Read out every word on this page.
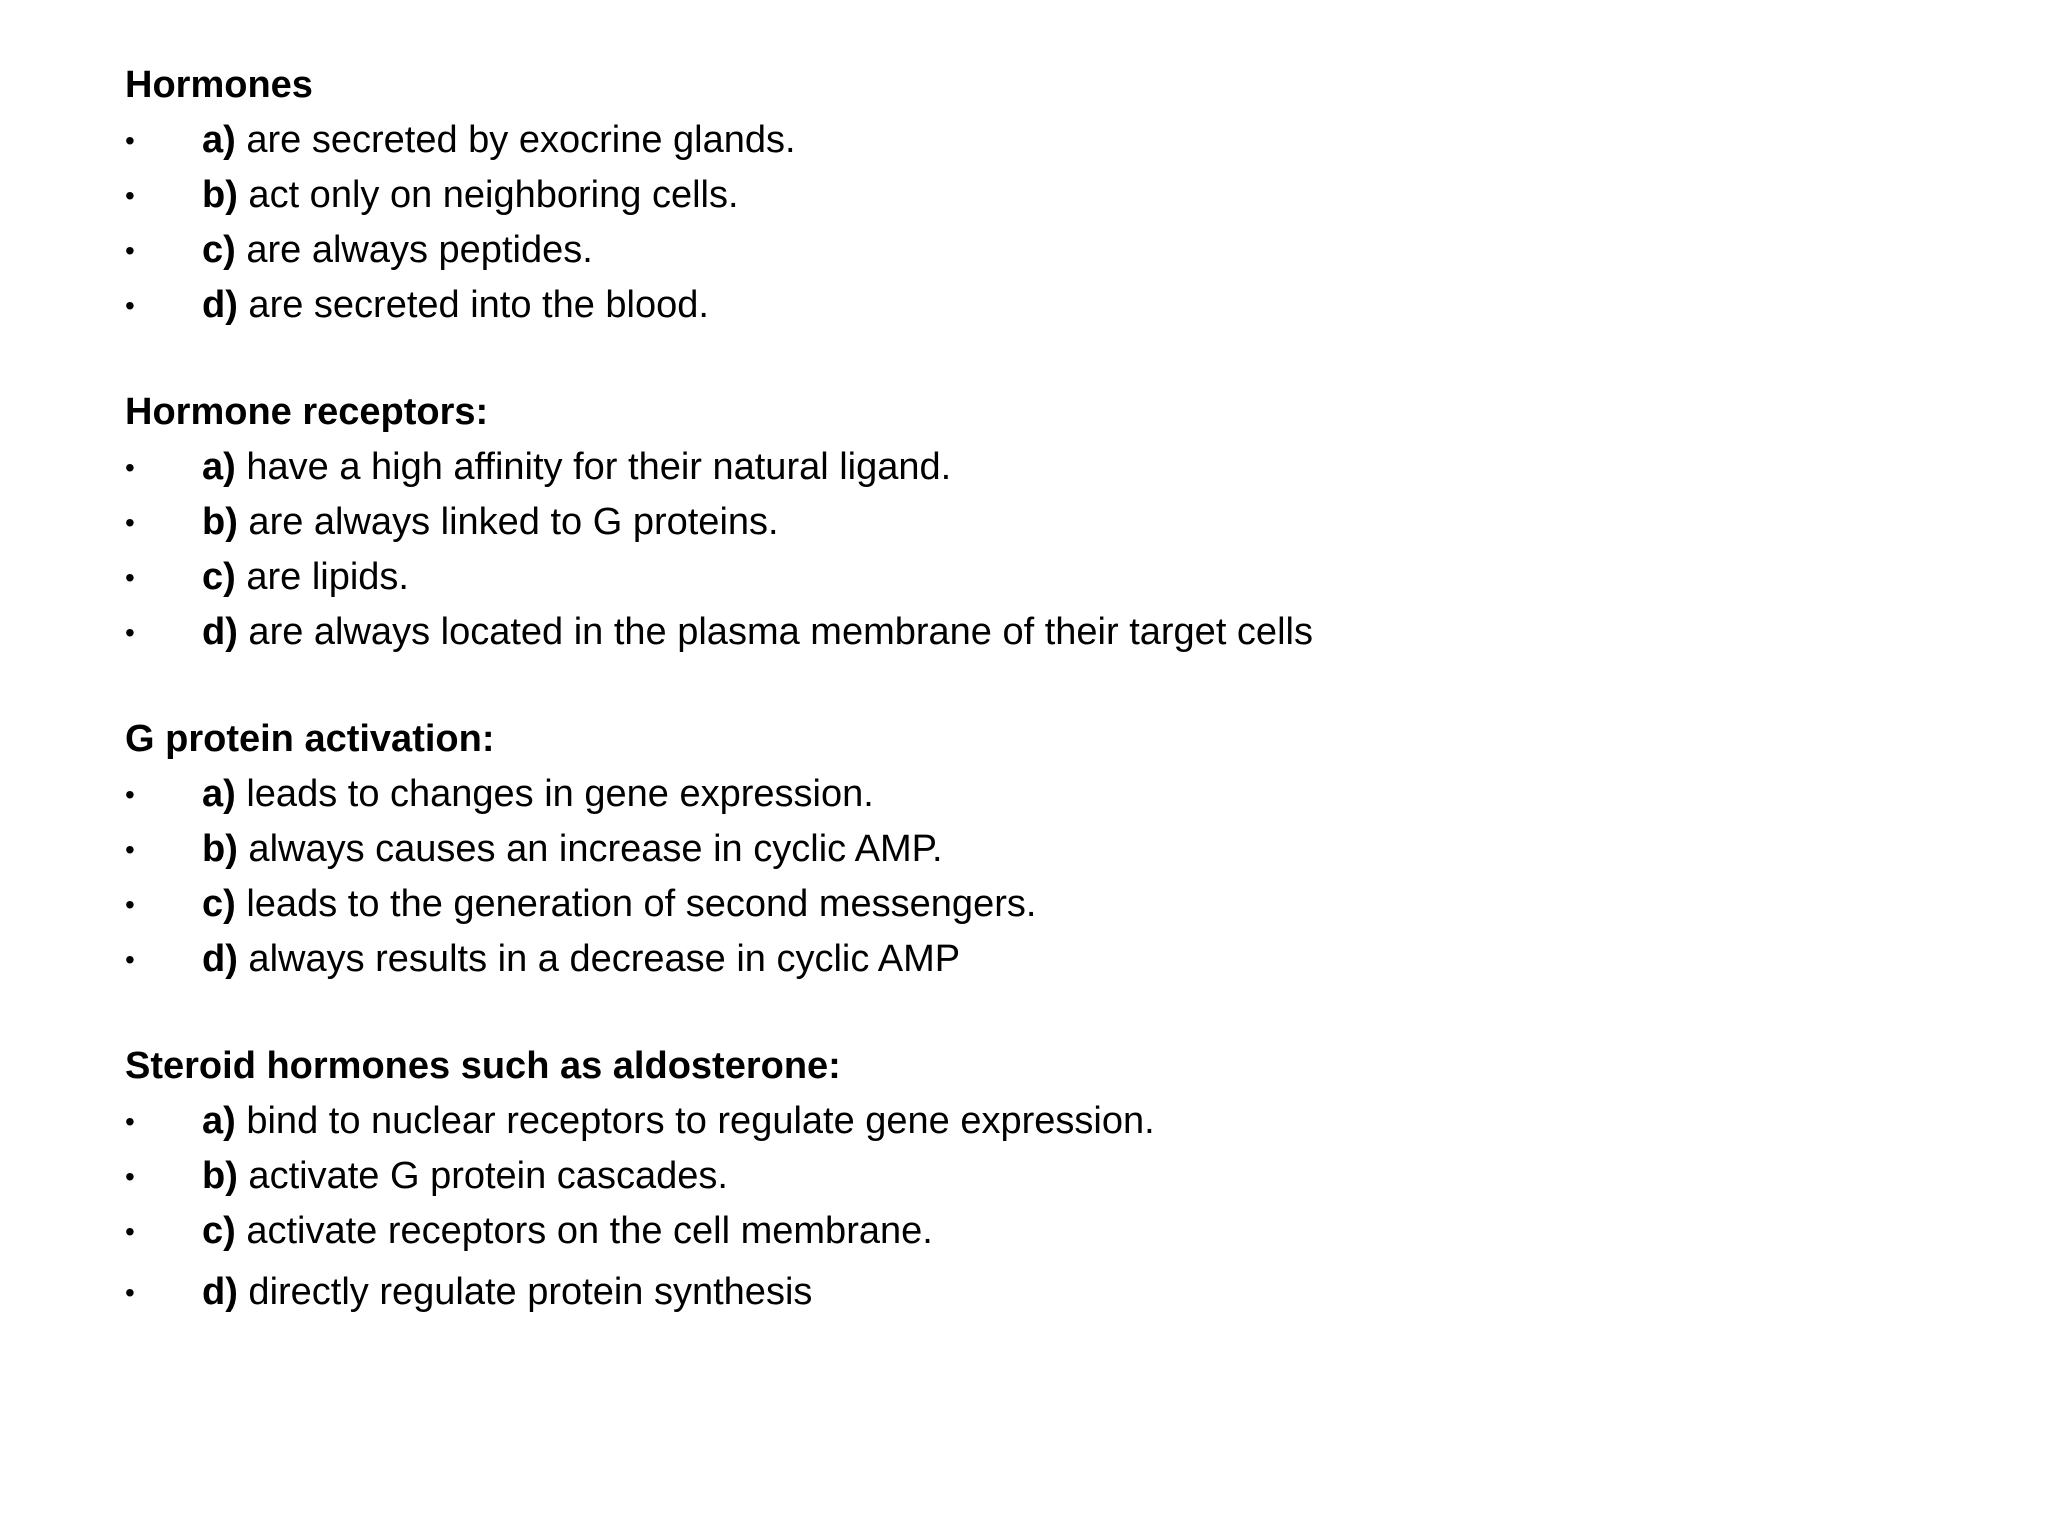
Hormones
• a) are secreted by exocrine glands.
• b) act only on neighboring cells.
• c) are always peptides.
• d) are secreted into the blood.
Hormone receptors:
• a) have a high affinity for their natural ligand.
• b) are always linked to G proteins.
• c) are lipids.
• d) are always located in the plasma membrane of their target cells
G protein activation:
• a) leads to changes in gene expression.
• b) always causes an increase in cyclic AMP.
• c) leads to the generation of second messengers.
• d) always results in a decrease in cyclic AMP
Steroid hormones such as aldosterone:
• a) bind to nuclear receptors to regulate gene expression.
• b) activate G protein cascades.
• c) activate receptors on the cell membrane.
• d) directly regulate protein synthesis
